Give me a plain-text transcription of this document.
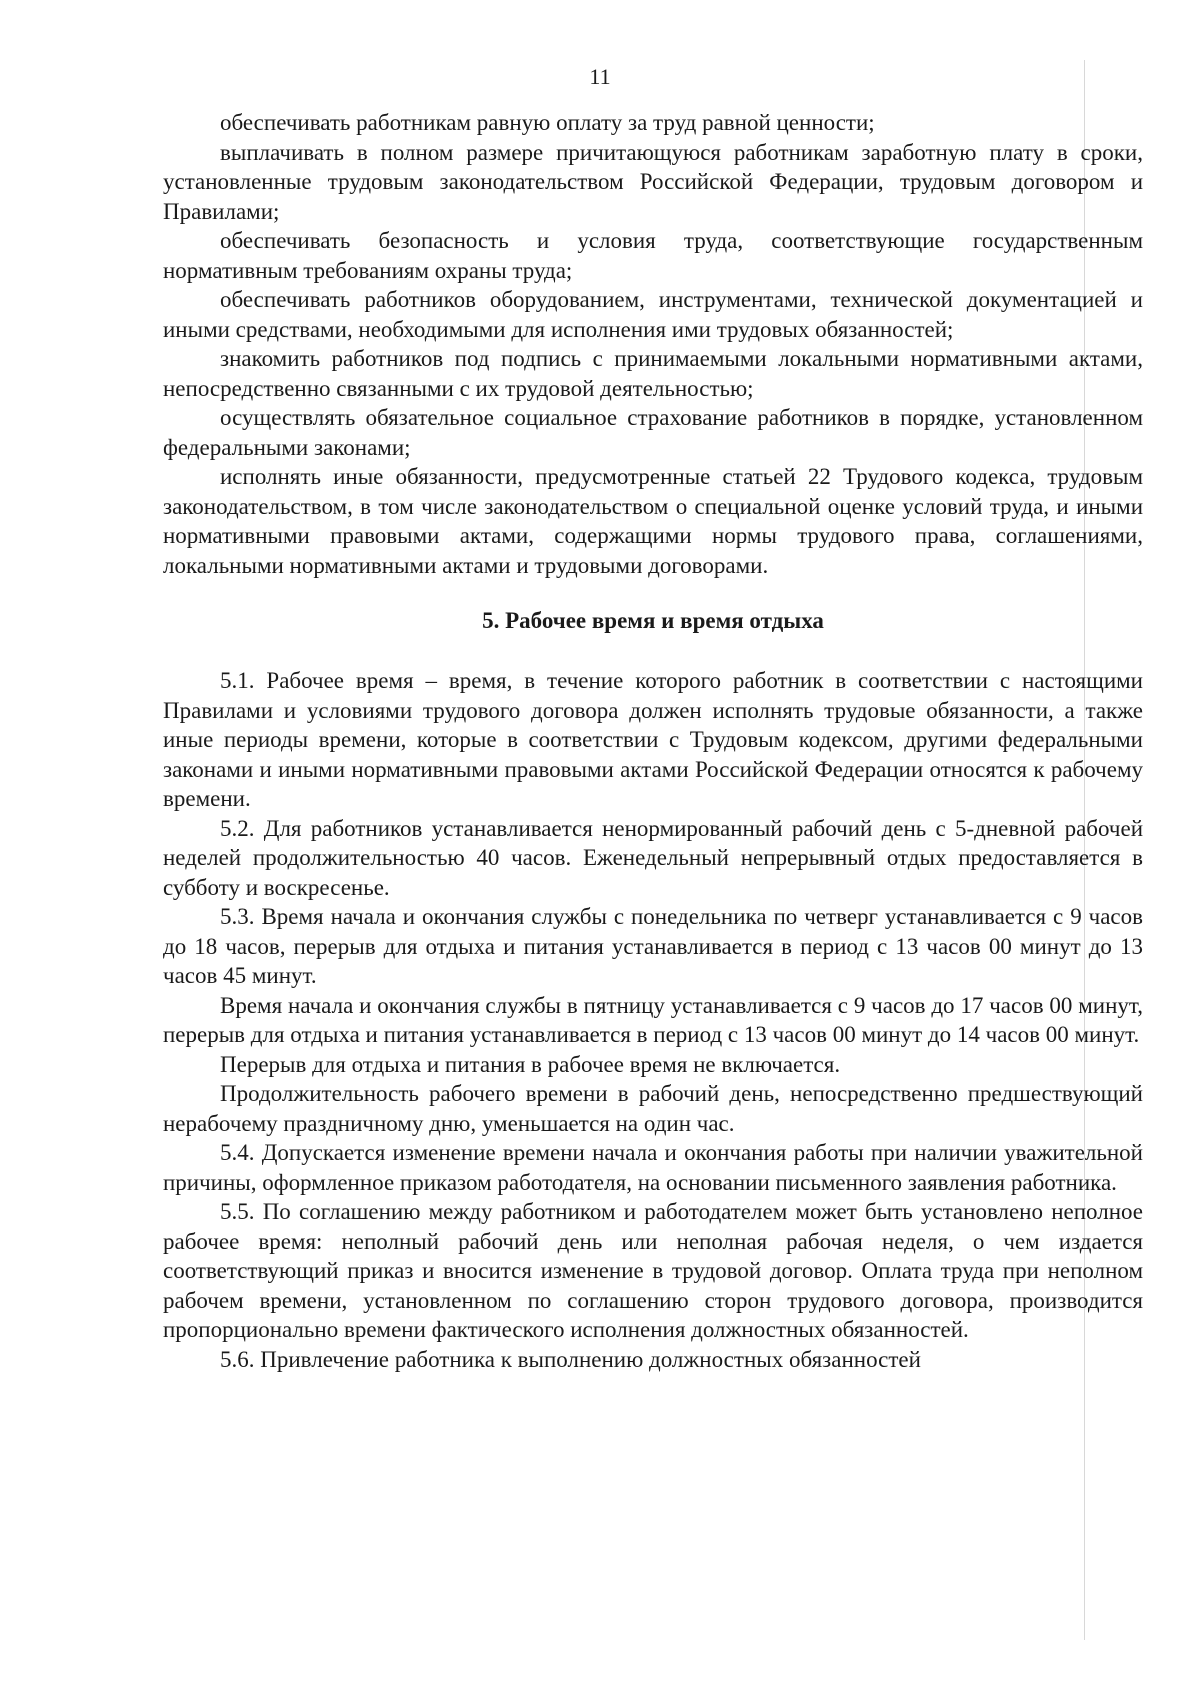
11

обеспечивать работникам равную оплату за труд равной ценности;

выплачивать в полном размере причитающуюся работникам заработную плату в сроки, установленные трудовым законодательством Российской Федерации, трудовым договором и Правилами;

обеспечивать безопасность и условия труда, соответствующие государственным нормативным требованиям охраны труда;

обеспечивать работников оборудованием, инструментами, технической документацией и иными средствами, необходимыми для исполнения ими трудовых обязанностей;

знакомить работников под подпись с принимаемыми локальными нормативными актами, непосредственно связанными с их трудовой деятельностью;

осуществлять обязательное социальное страхование работников в порядке, установленном федеральными законами;

исполнять иные обязанности, предусмотренные статьей 22 Трудового кодекса, трудовым законодательством, в том числе законодательством о специальной оценке условий труда, и иными нормативными правовыми актами, содержащими нормы трудового права, соглашениями, локальными нормативными актами и трудовыми договорами.

5. Рабочее время и время отдыха

5.1. Рабочее время – время, в течение которого работник в соответствии с настоящими Правилами и условиями трудового договора должен исполнять трудовые обязанности, а также иные периоды времени, которые в соответствии с Трудовым кодексом, другими федеральными законами и иными нормативными правовыми актами Российской Федерации относятся к рабочему времени.

5.2. Для работников устанавливается ненормированный рабочий день с 5-дневной рабочей неделей продолжительностью 40 часов. Еженедельный непрерывный отдых предоставляется в субботу и воскресенье.

5.3. Время начала и окончания службы с понедельника по четверг устанавливается с 9 часов до 18 часов, перерыв для отдыха и питания устанавливается в период с 13 часов 00 минут до 13 часов 45 минут.

Время начала и окончания службы в пятницу устанавливается с 9 часов до 17 часов 00 минут, перерыв для отдыха и питания устанавливается в период с 13 часов 00 минут до 14 часов 00 минут.

Перерыв для отдыха и питания в рабочее время не включается.

Продолжительность рабочего времени в рабочий день, непосредственно предшествующий нерабочему праздничному дню, уменьшается на один час.

5.4. Допускается изменение времени начала и окончания работы при наличии уважительной причины, оформленное приказом работодателя, на основании письменного заявления работника.

5.5. По соглашению между работником и работодателем может быть установлено неполное рабочее время: неполный рабочий день или неполная рабочая неделя, о чем издается соответствующий приказ и вносится изменение в трудовой договор. Оплата труда при неполном рабочем времени, установленном по соглашению сторон трудового договора, производится пропорционально времени фактического исполнения должностных обязанностей.

5.6. Привлечение работника к выполнению должностных обязанностей
